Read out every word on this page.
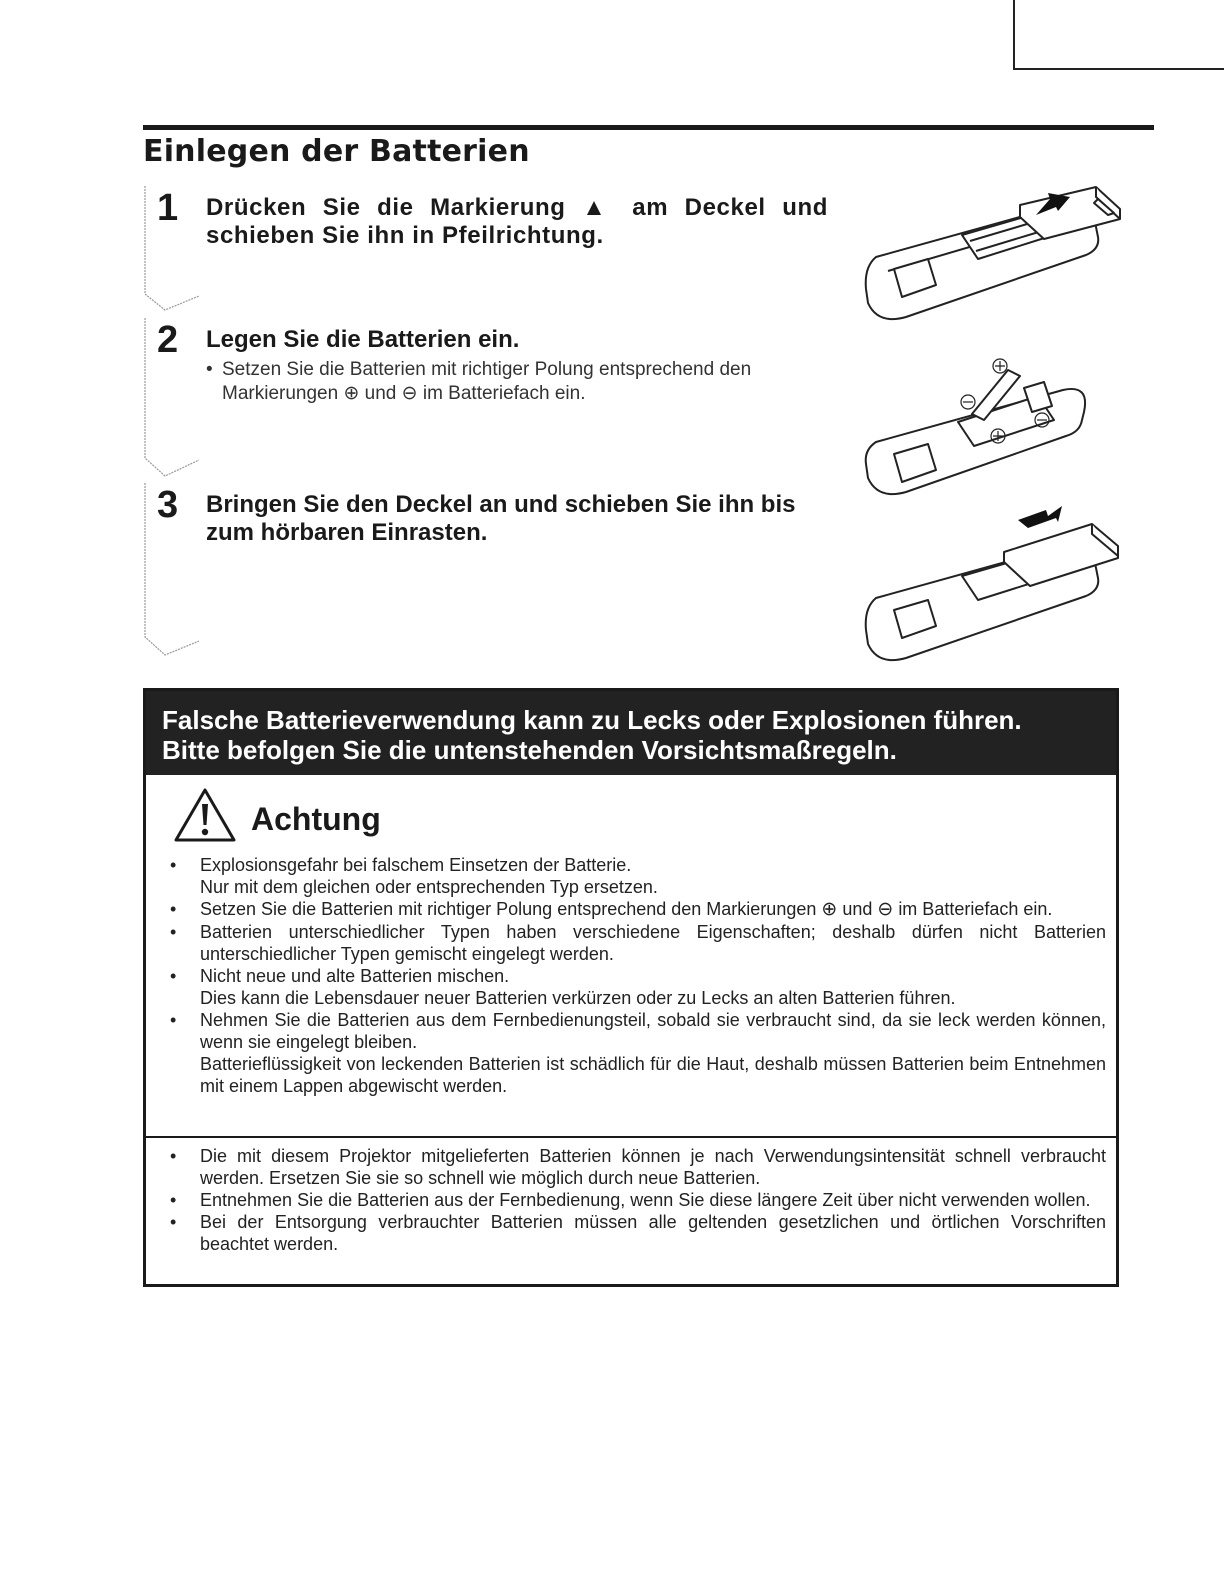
Einlegen der Batterien
1 Drücken Sie die Markierung ▲ am Deckel und schieben Sie ihn in Pfeilrichtung.

2 Legen Sie die Batterien ein.

• Setzen Sie die Batterien mit richtiger Polung entsprechend den
Markierungen ⊕ und ⊖ im Batteriefach ein.
3 Bringen Sie den Deckel an und schieben Sie ihn bis zum hörbaren Einrasten.

Falsche Batterieverwendung kann zu Lecks oder Explosionen führen.
Bitte befolgen Sie die untenstehenden Vorsichtsmaßregeln.
Achtung
• Explosionsgefahr bei falschem Einsetzen der Batterie.
Nur mit dem gleichen oder entsprechenden Typ ersetzen.
• Setzen Sie die Batterien mit richtiger Polung entsprechend den Markierungen ⊕ und ⊖ im Batteriefach ein.
• Batterien unterschiedlicher Typen haben verschiedene Eigenschaften; deshalb dürfen nicht Batterien unterschiedlicher Typen gemischt eingelegt werden.
• Nicht neue und alte Batterien mischen.
Dies kann die Lebensdauer neuer Batterien verkürzen oder zu Lecks an alten Batterien führen.
• Nehmen Sie die Batterien aus dem Fernbedienungsteil, sobald sie verbraucht sind, da sie leck werden können, wenn sie eingelegt bleiben.
Batterieflüssigkeit von leckenden Batterien ist schädlich für die Haut, deshalb müssen Batterien beim Entnehmen mit einem Lappen abgewischt werden.
• Die mit diesem Projektor mitgelieferten Batterien können je nach Verwendungsintensität schnell verbraucht werden. Ersetzen Sie sie so schnell wie möglich durch neue Batterien.
• Entnehmen Sie die Batterien aus der Fernbedienung, wenn Sie diese längere Zeit über nicht verwenden wollen.
• Bei der Entsorgung verbrauchter Batterien müssen alle geltenden gesetzlichen und örtlichen Vorschriften beachtet werden.
